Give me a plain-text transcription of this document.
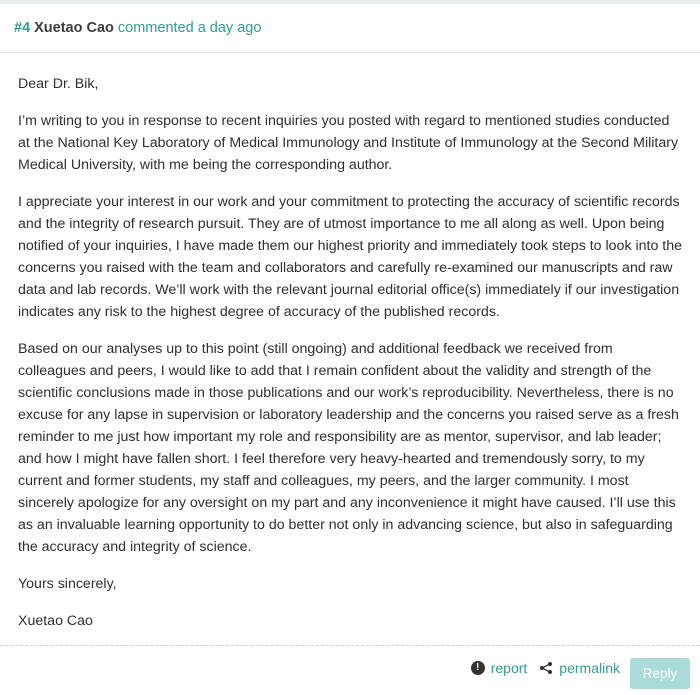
#4 Xuetao Cao commented a day ago

Dear Dr. Bik,

I’m writing to you in response to recent inquiries you posted with regard to mentioned studies conducted at the National Key Laboratory of Medical Immunology and Institute of Immunology at the Second Military Medical University, with me being the corresponding author.

I appreciate your interest in our work and your commitment to protecting the accuracy of scientific records and the integrity of research pursuit. They are of utmost importance to me all along as well. Upon being notified of your inquiries, I have made them our highest priority and immediately took steps to look into the concerns you raised with the team and collaborators and carefully re-examined our manuscripts and raw data and lab records. We’ll work with the relevant journal editorial office(s) immediately if our investigation indicates any risk to the highest degree of accuracy of the published records.

Based on our analyses up to this point (still ongoing) and additional feedback we received from colleagues and peers, I would like to add that I remain confident about the validity and strength of the scientific conclusions made in those publications and our work’s reproducibility. Nevertheless, there is no excuse for any lapse in supervision or laboratory leadership and the concerns you raised serve as a fresh reminder to me just how important my role and responsibility are as mentor, supervisor, and lab leader; and how I might have fallen short. I feel therefore very heavy-hearted and tremendously sorry, to my current and former students, my staff and colleagues, my peers, and the larger community. I most sincerely apologize for any oversight on my part and any inconvenience it might have caused. I’ll use this as an invaluable learning opportunity to do better not only in advancing science, but also in safeguarding the accuracy and integrity of science.

Yours sincerely,

Xuetao Cao

! report permalink	Reply
